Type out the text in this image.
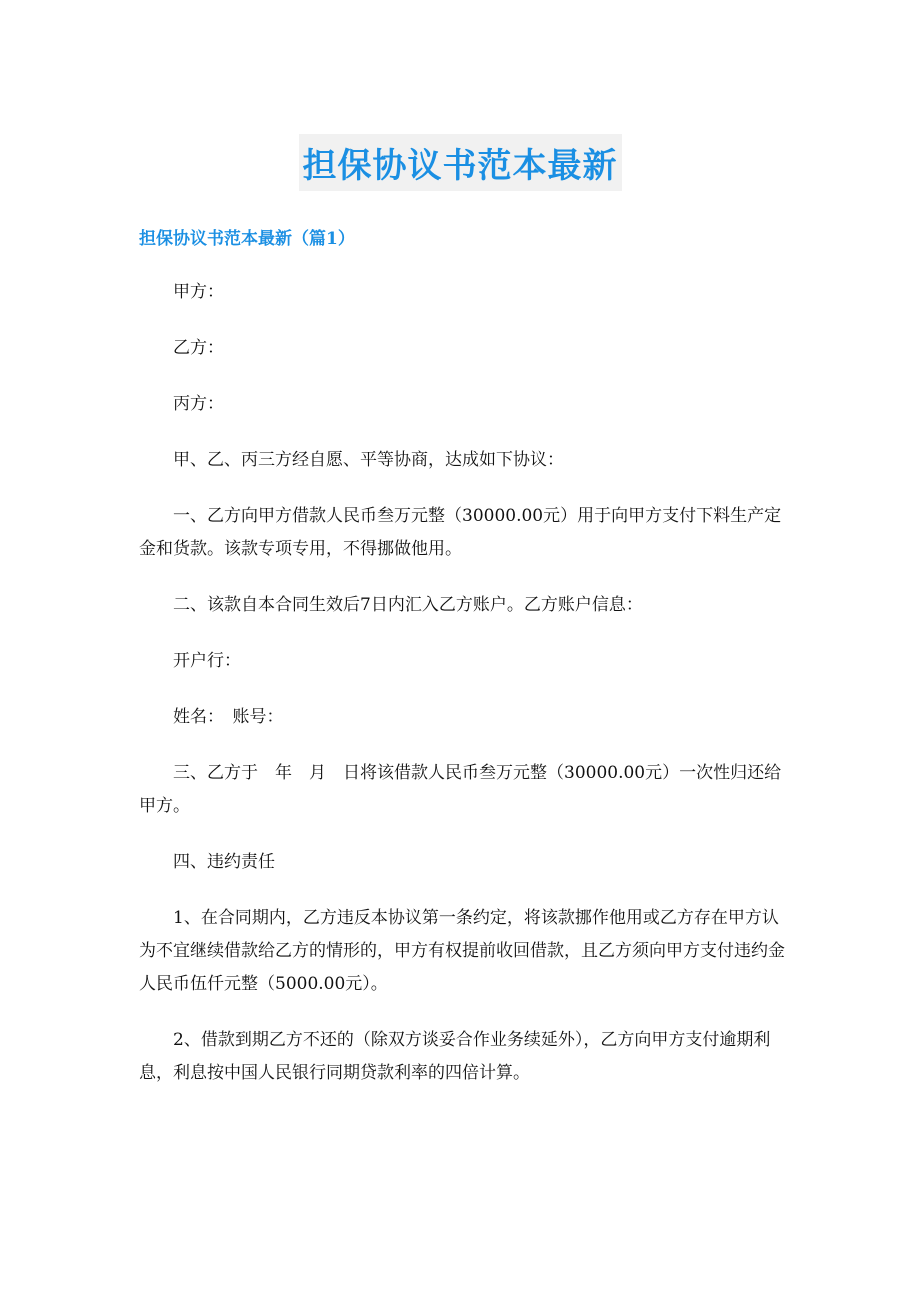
担保协议书范本最新
担保协议书范本最新（篇1）

甲方：

乙方：

丙方：

甲、乙、丙三方经自愿、平等协商，达成如下协议：

一、乙方向甲方借款人民币叁万元整（30000.00元）用于向甲方支付下料生产定金和货款。该款专项专用，不得挪做他用。

二、该款自本合同生效后7日内汇入乙方账户。乙方账户信息：

开户行：

姓名：　账号：

三、乙方于　年　月　日将该借款人民币叁万元整（30000.00元）一次性归还给甲方。

四、违约责任

1、在合同期内，乙方违反本协议第一条约定，将该款挪作他用或乙方存在甲方认为不宜继续借款给乙方的情形的，甲方有权提前收回借款，且乙方须向甲方支付违约金人民币伍仟元整（5000.00元）。

2、借款到期乙方不还的（除双方谈妥合作业务续延外），乙方向甲方支付逾期利息，利息按中国人民银行同期贷款利率的四倍计算。
